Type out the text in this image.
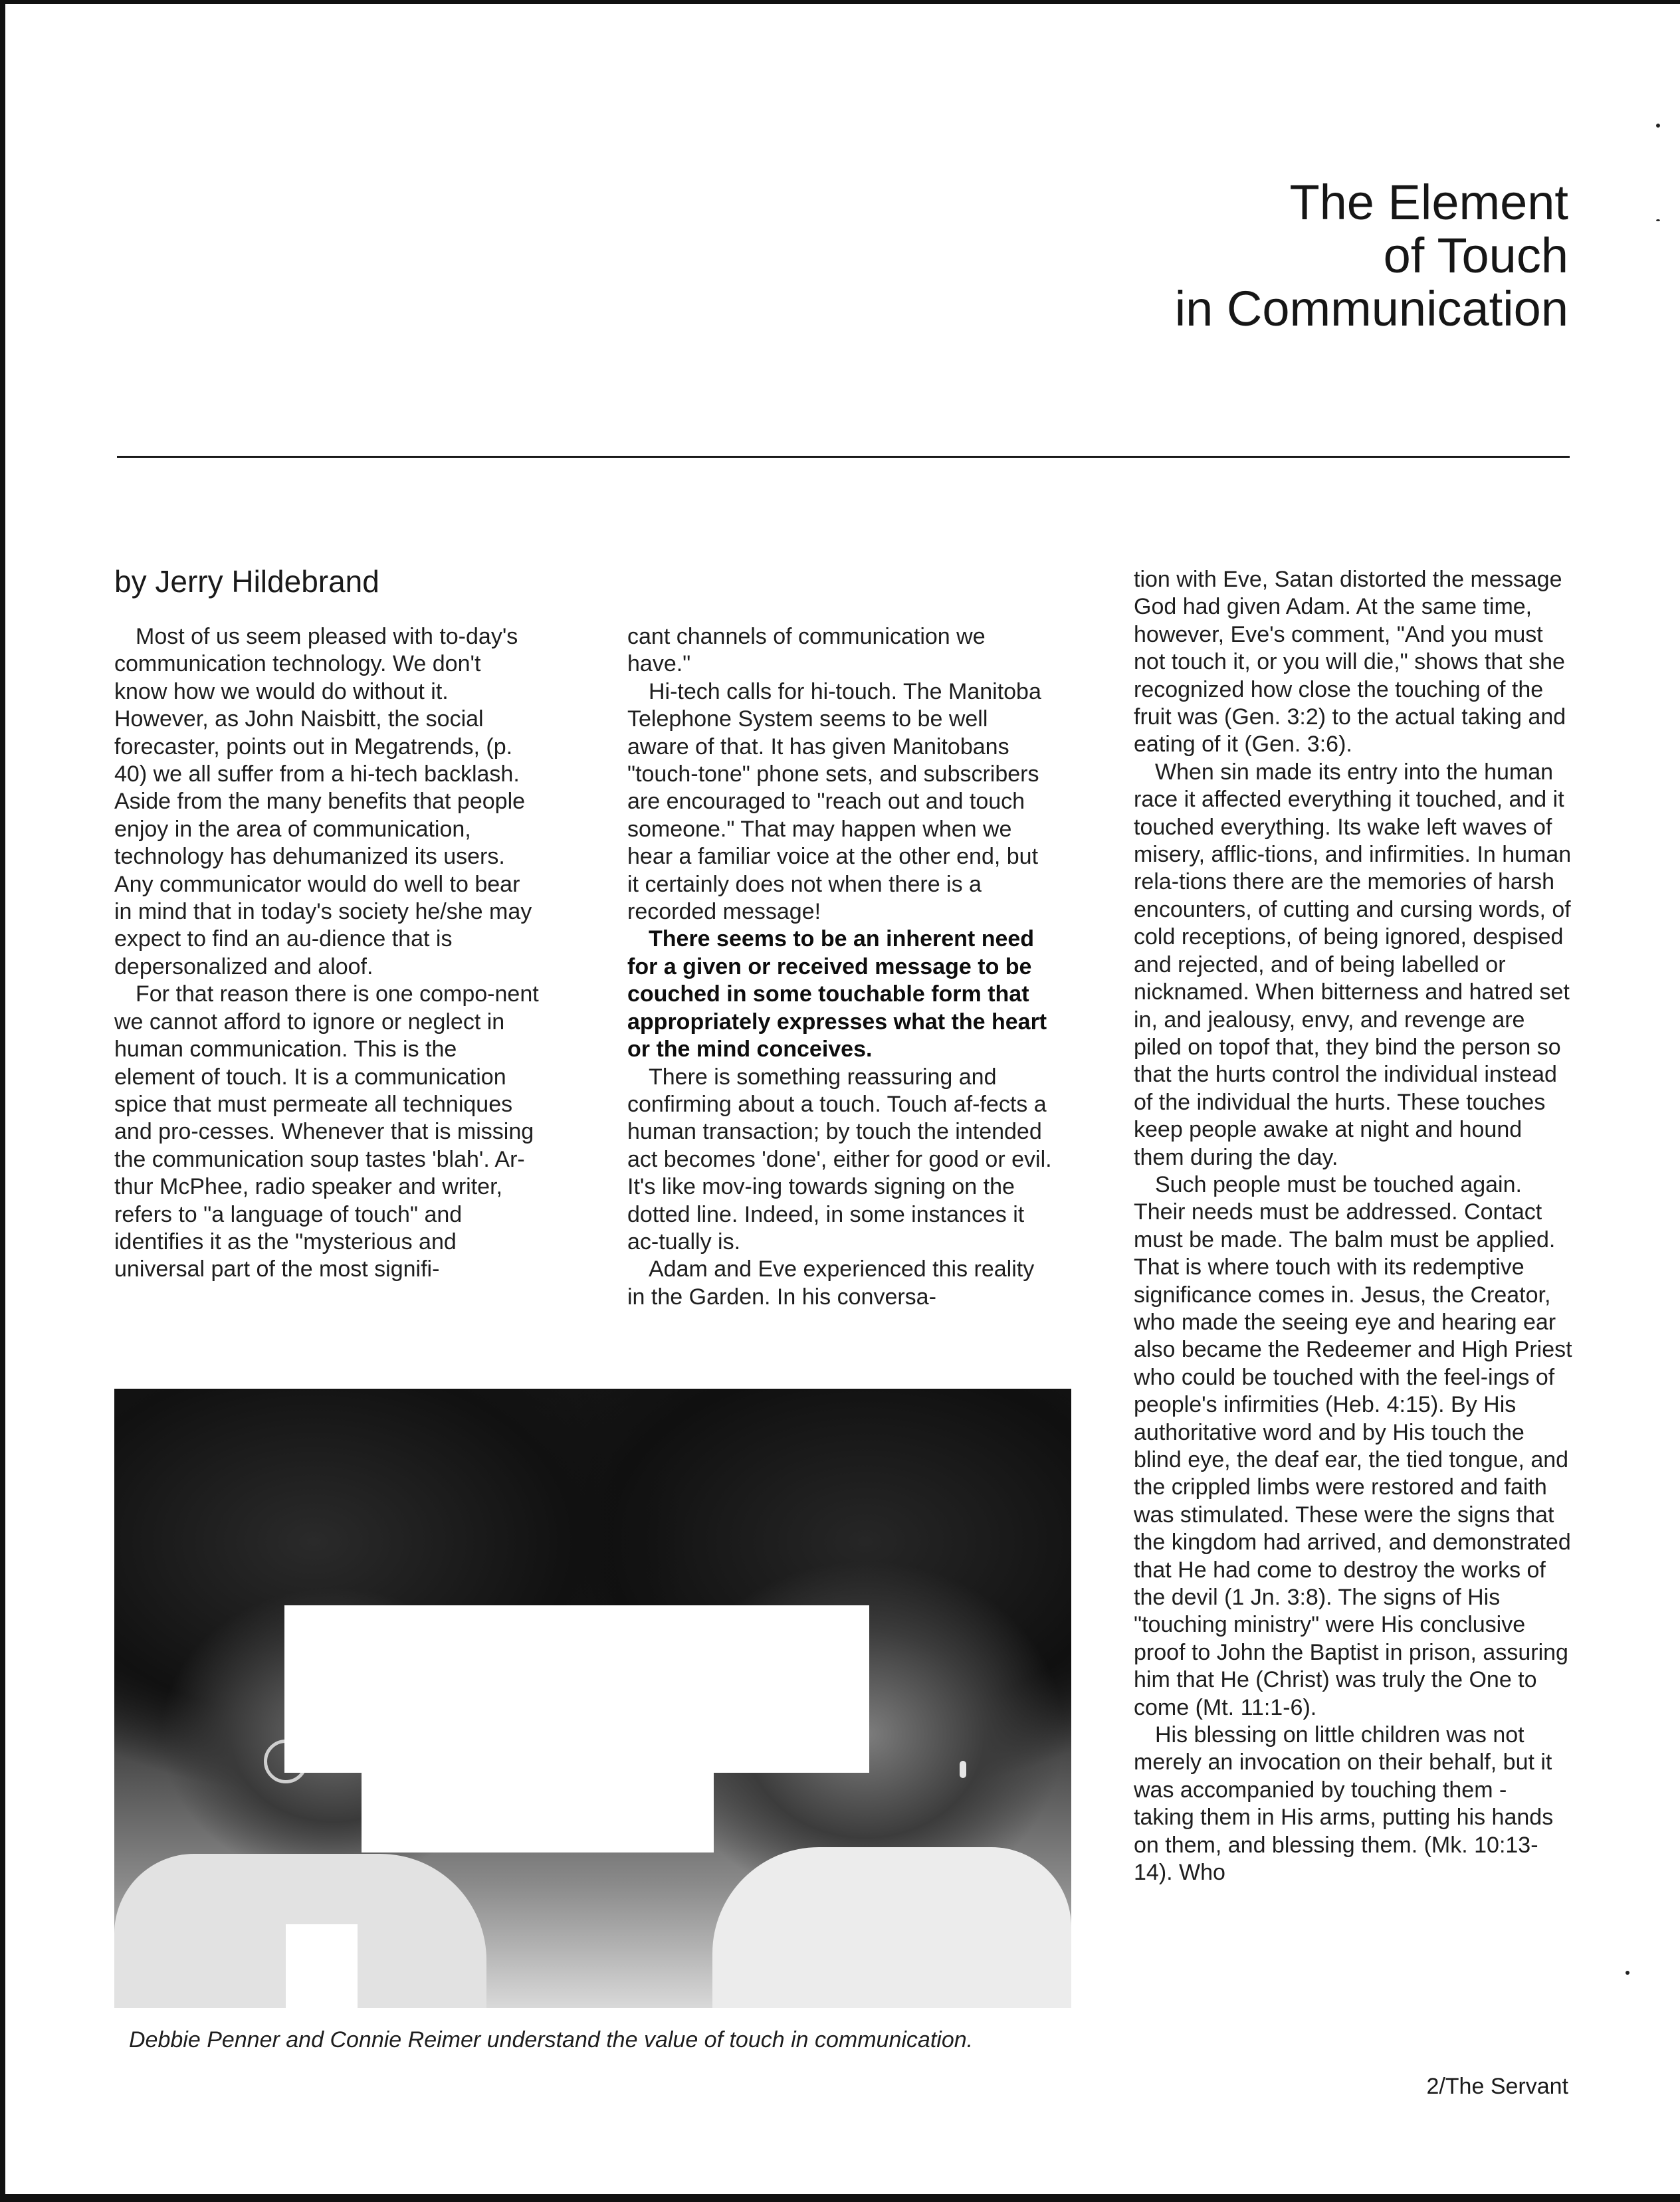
The Element
of Touch
in Communication

by Jerry Hildebrand

Most of us seem pleased with to-day's communication technology. We don't know how we would do without it. However, as John Naisbitt, the social forecaster, points out in Megatrends, (p. 40) we all suffer from a hi-tech backlash. Aside from the many benefits that people enjoy in the area of communication, technology has dehumanized its users. Any communicator would do well to bear in mind that in today's society he/she may expect to find an au-dience that is depersonalized and aloof.

For that reason there is one compo-nent we cannot afford to ignore or neglect in human communication. This is the element of touch. It is a communication spice that must permeate all techniques and pro-cesses. Whenever that is missing the communication soup tastes 'blah'. Ar-thur McPhee, radio speaker and writer, refers to "a language of touch" and identifies it as the "mysterious and universal part of the most signifi-

cant channels of communication we have."

Hi-tech calls for hi-touch. The Manitoba Telephone System seems to be well aware of that. It has given Manitobans "touch-tone" phone sets, and subscribers are encouraged to "reach out and touch someone." That may happen when we hear a familiar voice at the other end, but it certainly does not when there is a recorded message!

There seems to be an inherent need for a given or received message to be couched in some touchable form that appropriately expresses what the heart or the mind conceives.

There is something reassuring and confirming about a touch. Touch af-fects a human transaction; by touch the intended act becomes 'done', either for good or evil. It's like mov-ing towards signing on the dotted line. Indeed, in some instances it ac-tually is.

Adam and Eve experienced this reality in the Garden. In his conversa-

tion with Eve, Satan distorted the message God had given Adam. At the same time, however, Eve's comment, "And you must not touch it, or you will die," shows that she recognized how close the touching of the fruit was (Gen. 3:2) to the actual taking and eating of it (Gen. 3:6).

When sin made its entry into the human race it affected everything it touched, and it touched everything. Its wake left waves of misery, afflic-tions, and infirmities. In human rela-tions there are the memories of harsh encounters, of cutting and cursing words, of cold receptions, of being ignored, despised and rejected, and of being labelled or nicknamed. When bitterness and hatred set in, and jealousy, envy, and revenge are piled on topof that, they bind the person so that the hurts control the individual instead of the individual the hurts. These touches keep people awake at night and hound them during the day.

Such people must be touched again. Their needs must be addressed. Contact must be made. The balm must be applied. That is where touch with its redemptive significance comes in. Jesus, the Creator, who made the seeing eye and hearing ear also became the Redeemer and High Priest who could be touched with the feel-ings of people's infirmities (Heb. 4:15). By His authoritative word and by His touch the blind eye, the deaf ear, the tied tongue, and the crippled limbs were restored and faith was stimulated. These were the signs that the kingdom had arrived, and demonstrated that He had come to destroy the works of the devil (1 Jn. 3:8). The signs of His "touching ministry" were His conclusive proof to John the Baptist in prison, assuring him that He (Christ) was truly the One to come (Mt. 11:1-6).

His blessing on little children was not merely an invocation on their behalf, but it was accompanied by touching them - taking them in His arms, putting his hands on them, and blessing them. (Mk. 10:13-14). Who

Debbie Penner and Connie Reimer understand the value of touch in communication.

2/The Servant
